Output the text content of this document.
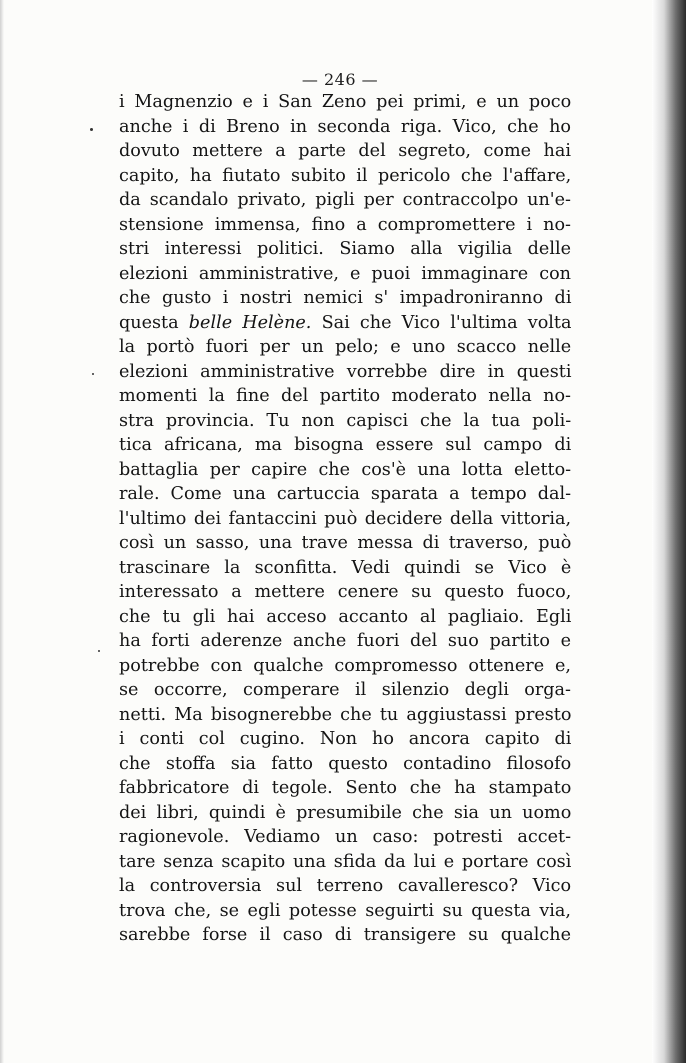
— 246 —
i Magnenzio e i San Zeno pei primi, e un poco
anche i di Breno in seconda riga. Vico, che ho
dovuto mettere a parte del segreto, come hai
capito, ha fiutato subito il pericolo che l'affare,
da scandalo privato, pigli per contraccolpo un'e-
stensione immensa, fino a compromettere i no-
stri interessi politici. Siamo alla vigilia delle
elezioni amministrative, e puoi immaginare con
che gusto i nostri nemici s' impadroniranno di
questa belle Helène. Sai che Vico l'ultima volta
la portò fuori per un pelo; e uno scacco nelle
elezioni amministrative vorrebbe dire in questi
momenti la fine del partito moderato nella no-
stra provincia. Tu non capisci che la tua poli-
tica africana, ma bisogna essere sul campo di
battaglia per capire che cos'è una lotta eletto-
rale. Come una cartuccia sparata a tempo dal-
l'ultimo dei fantaccini può decidere della vittoria,
così un sasso, una trave messa di traverso, può
trascinare la sconfitta. Vedi quindi se Vico è
interessato a mettere cenere su questo fuoco,
che tu gli hai acceso accanto al pagliaio. Egli
ha forti aderenze anche fuori del suo partito e
potrebbe con qualche compromesso ottenere e,
se occorre, comperare il silenzio degli orga-
netti. Ma bisognerebbe che tu aggiustassi presto
i conti col cugino. Non ho ancora capito di
che stoffa sia fatto questo contadino filosofo
fabbricatore di tegole. Sento che ha stampato
dei libri, quindi è presumibile che sia un uomo
ragionevole. Vediamo un caso: potresti accet-
tare senza scapito una sfida da lui e portare così
la controversia sul terreno cavalleresco? Vico
trova che, se egli potesse seguirti su questa via,
sarebbe forse il caso di transigere su qualche
